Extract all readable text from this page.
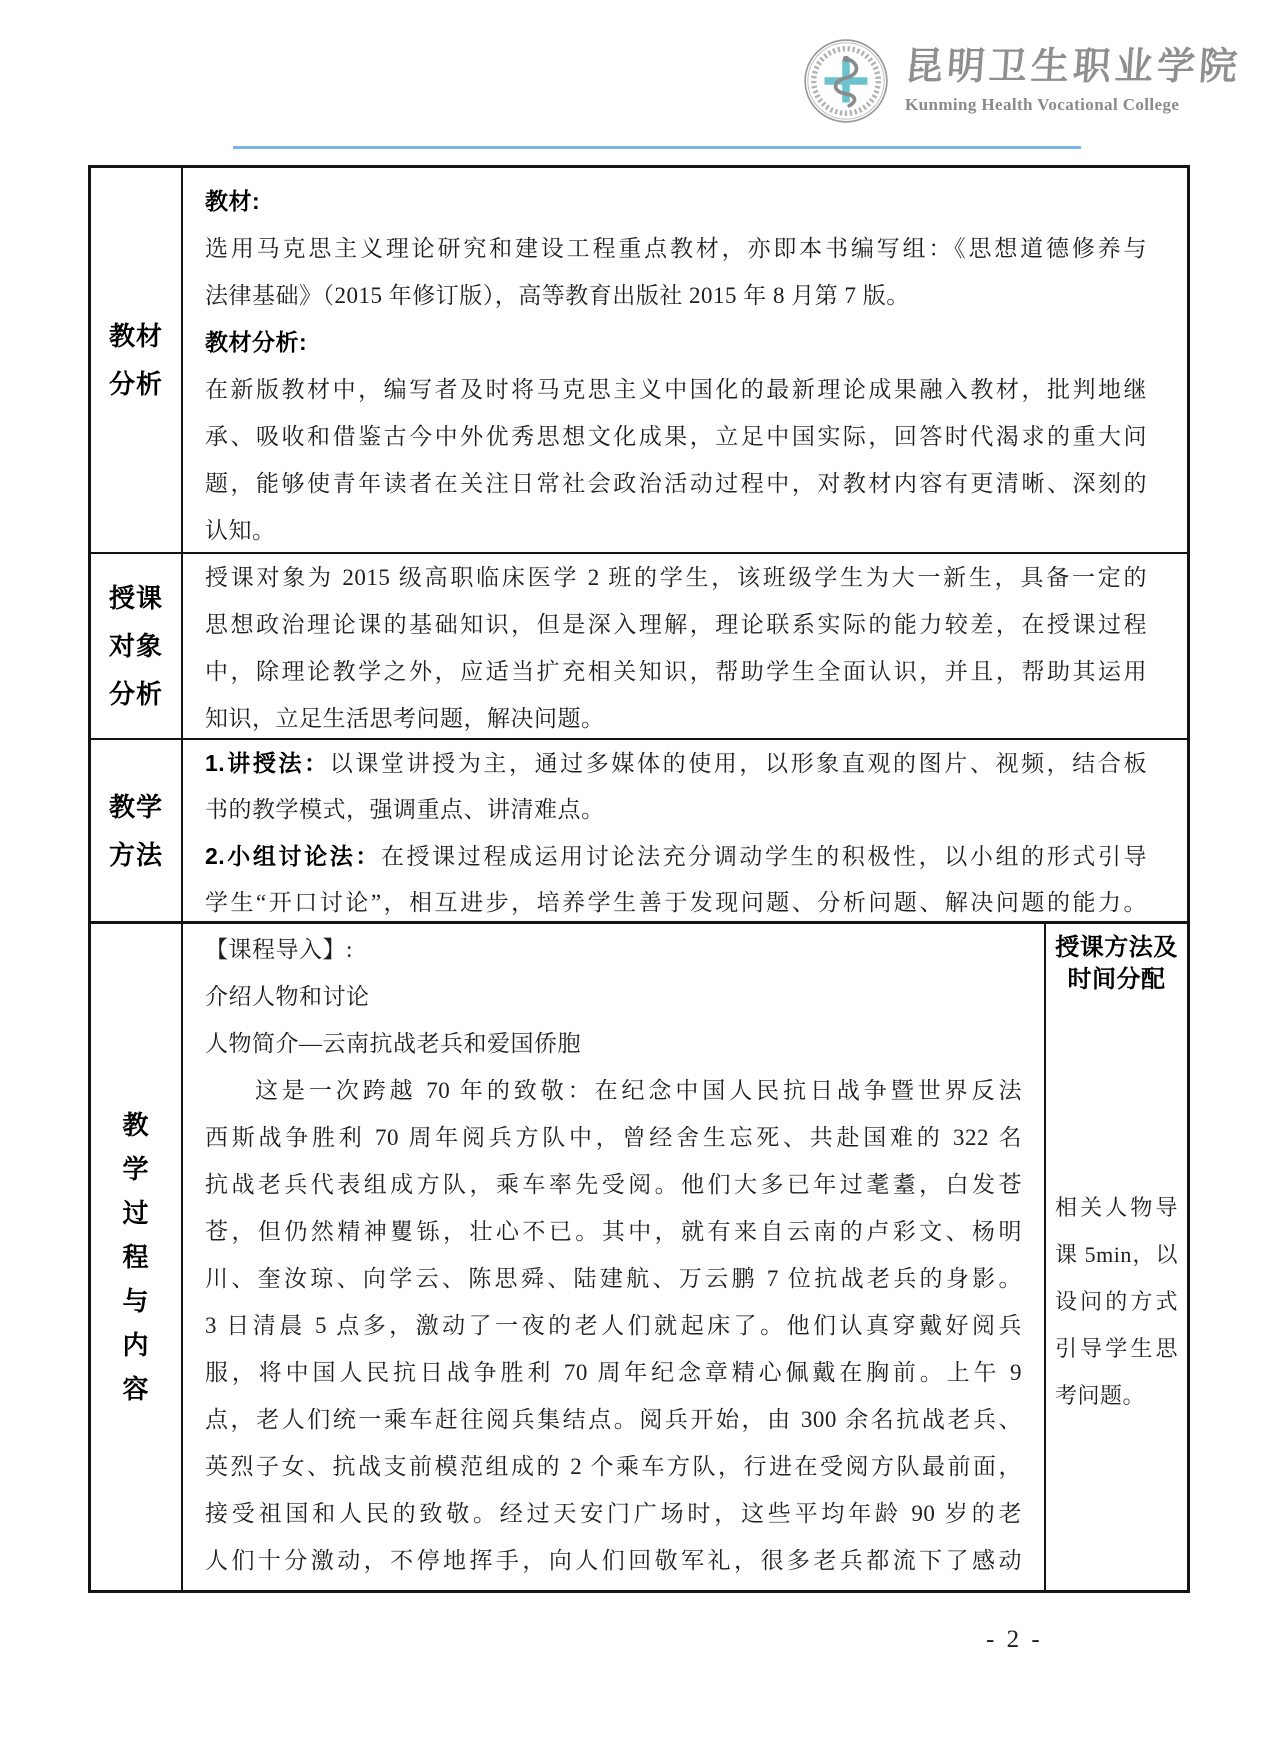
昆明卫生职业学院
Kunming Health Vocational College
教材
分析
教材:
选用马克思主义理论研究和建设工程重点教材，亦即本书编写组：《思想道德修养与
法律基础》（2015 年修订版），高等教育出版社 2015 年 8 月第 7 版。
教材分析:
在新版教材中，编写者及时将马克思主义中国化的最新理论成果融入教材，批判地继
承、吸收和借鉴古今中外优秀思想文化成果，立足中国实际，回答时代渴求的重大问
题，能够使青年读者在关注日常社会政治活动过程中，对教材内容有更清晰、深刻的
认知。
授课
对象
分析
授课对象为 2015 级高职临床医学 2 班的学生，该班级学生为大一新生，具备一定的
思想政治理论课的基础知识，但是深入理解，理论联系实际的能力较差，在授课过程
中，除理论教学之外，应适当扩充相关知识，帮助学生全面认识，并且，帮助其运用
知识，立足生活思考问题，解决问题。
教学
方法
1.讲授法：以课堂讲授为主，通过多媒体的使用，以形象直观的图片、视频，结合板
书的教学模式，强调重点、讲清难点。
2.小组讨论法：在授课过程成运用讨论法充分调动学生的积极性，以小组的形式引导
学生“开口讨论”，相互进步，培养学生善于发现问题、分析问题、解决问题的能力。
教
学
过
程
与
内
容
【课程导入】:
介绍人物和讨论
人物简介—云南抗战老兵和爱国侨胞
这是一次跨越 70 年的致敬：在纪念中国人民抗日战争暨世界反法
西斯战争胜利 70 周年阅兵方队中，曾经舍生忘死、共赴国难的 322 名
抗战老兵代表组成方队，乘车率先受阅。他们大多已年过耄耋，白发苍
苍，但仍然精神矍铄，壮心不已。其中，就有来自云南的卢彩文、杨明
川、奎汝琼、向学云、陈思舜、陆建航、万云鹏 7 位抗战老兵的身影。
3 日清晨 5 点多，激动了一夜的老人们就起床了。他们认真穿戴好阅兵
服，将中国人民抗日战争胜利 70 周年纪念章精心佩戴在胸前。上午 9
点，老人们统一乘车赶往阅兵集结点。阅兵开始，由 300 余名抗战老兵、
英烈子女、抗战支前模范组成的 2 个乘车方队，行进在受阅方队最前面，
接受祖国和人民的致敬。经过天安门广场时，这些平均年龄 90 岁的老
人们十分激动，不停地挥手，向人们回敬军礼，很多老兵都流下了感动
授课方法及
时间分配
相关人物导
课 5min，以
设问的方式
引导学生思
考问题。
- 2 -
